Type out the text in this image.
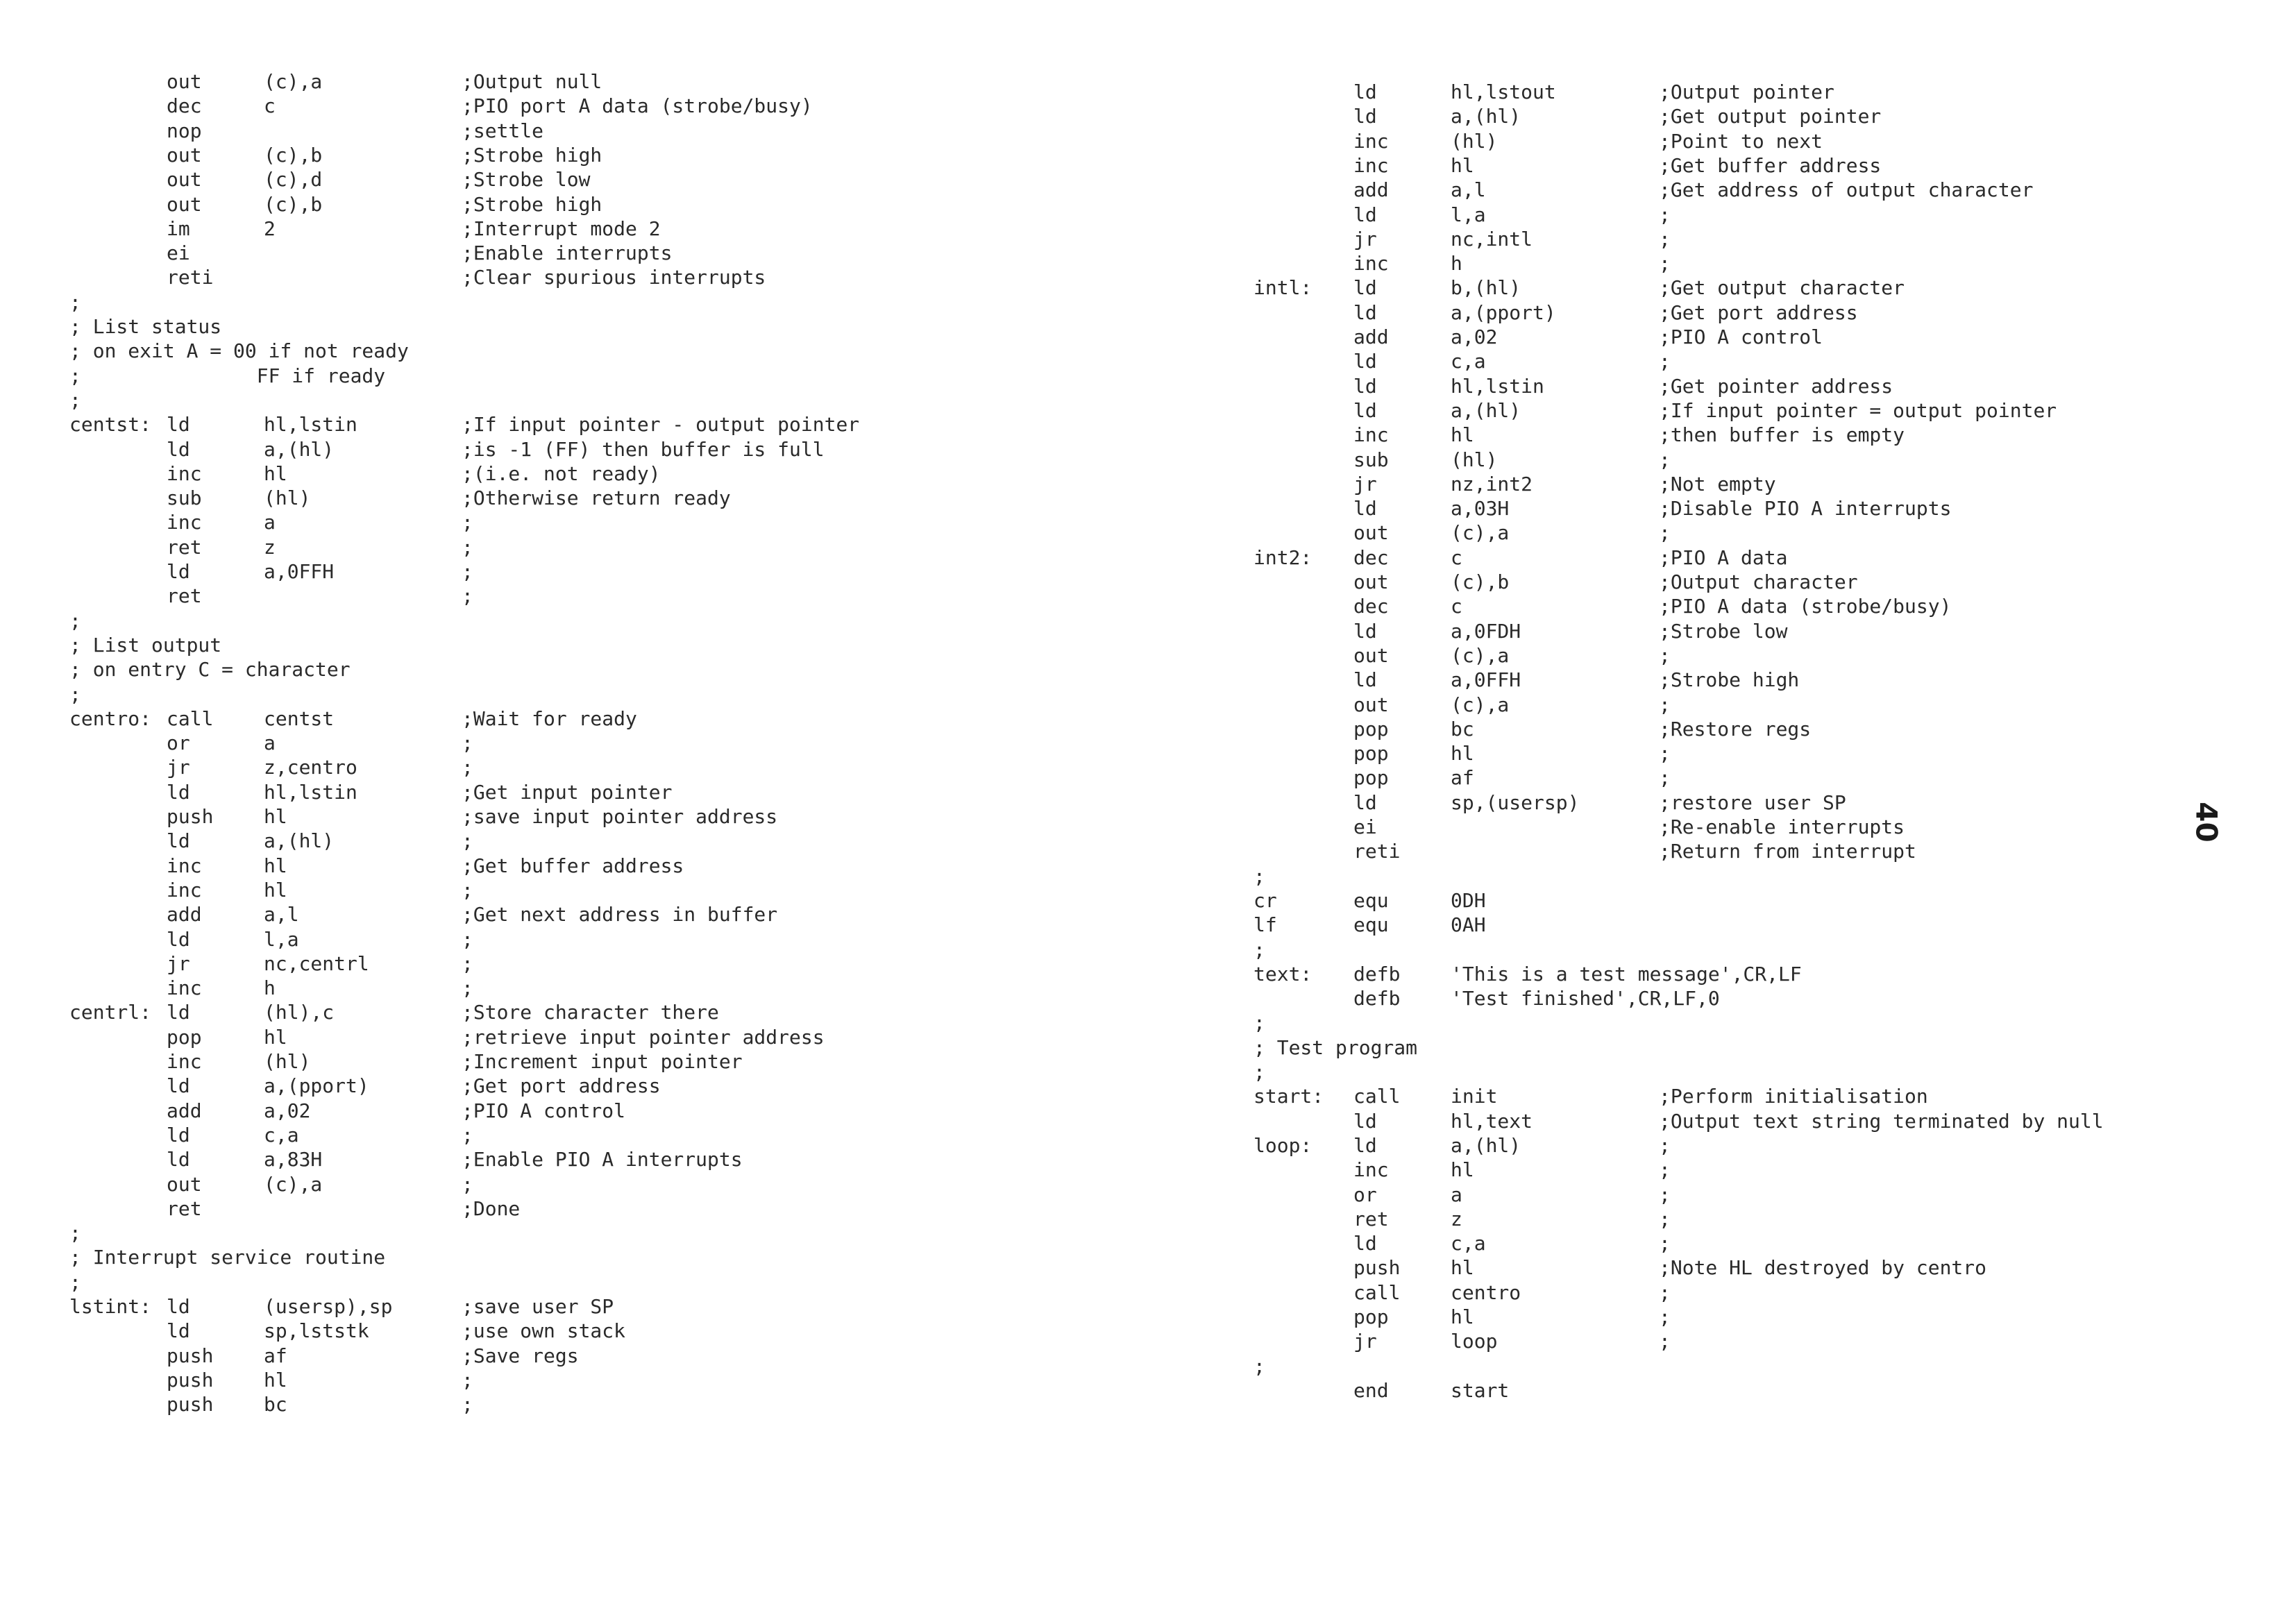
out	(c),a	;Output null
dec	c	;PIO port A data (strobe/busy)
nop	;settle
out	(c),b	;Strobe high
out	(c),d	;Strobe low
out	(c),b	;Strobe high
im	2	;Interrupt mode 2
ei	;Enable interrupts
reti	;Clear spurious interrupts
;
; List status
; on exit A = 00 if not ready
;               FF if ready
;
centst: ld	hl,lstin	;If input pointer - output pointer
ld	a,(hl)	;is -1 (FF) then buffer is full
inc	hl	;(i.e. not ready)
sub	(hl)	;Otherwise return ready
inc	a	;
ret	z	;
ld	a,0FFH	;
ret	;
;
; List output
; on entry C = character
;
centro: call	centst	;Wait for ready
or	a	;
jr	z,centro	;
ld	hl,lstin	;Get input pointer
push	hl	;save input pointer address
ld	a,(hl)	;
inc	hl	;Get buffer address
inc	hl	;
add	a,l	;Get next address in buffer
ld	l,a	;
jr	nc,centrl	;
inc	h	;
centrl: ld	(hl),c	;Store character there
pop	hl	;retrieve input pointer address
inc	(hl)	;Increment input pointer
ld	a,(pport)	;Get port address
add	a,02	;PIO A control
ld	c,a	;
ld	a,83H	;Enable PIO A interrupts
out	(c),a	;
ret	;Done
;
; Interrupt service routine
;
lstint: ld	(usersp),sp	;save user SP
ld	sp,lststk	;use own stack
push	af	;Save regs
push	hl	;
push	bc	;
ld	hl,lstout	;Output pointer
ld	a,(hl)	;Get output pointer
inc	(hl)	;Point to next
inc	hl	;Get buffer address
add	a,l	;Get address of output character
ld	l,a	;
jr	nc,intl	;
inc	h	;
intl: ld	b,(hl)	;Get output character
ld	a,(pport)	;Get port address
add	a,02	;PIO A control
ld	c,a	;
ld	hl,lstin	;Get pointer address
ld	a,(hl)	;If input pointer = output pointer
inc	hl	;then buffer is empty
sub	(hl)	;
jr	nz,int2	;Not empty
ld	a,03H	;Disable PIO A interrupts
out	(c),a	;
int2: dec	c	;PIO A data
out	(c),b	;Output character
dec	c	;PIO A data (strobe/busy)
ld	a,0FDH	;Strobe low
out	(c),a	;
ld	a,0FFH	;Strobe high
out	(c),a	;
pop	bc	;Restore regs
pop	hl	;
pop	af	;
ld	sp,(usersp)	;restore user SP
ei	;Re-enable interrupts
reti	;Return from interrupt
;
cr	equ	0DH
lf	equ	0AH
;
text: defb	'This is a test message',CR,LF
defb	'Test finished',CR,LF,0
;
; Test program
;
start: call	init	;Perform initialisation
ld	hl,text	;Output text string terminated by null
loop: ld	a,(hl)	;
inc	hl	;
or	a	;
ret	z	;
ld	c,a	;
push	hl	;Note HL destroyed by centro
call	centro	;
pop	hl	;
jr	loop	;
;
end	start
40
